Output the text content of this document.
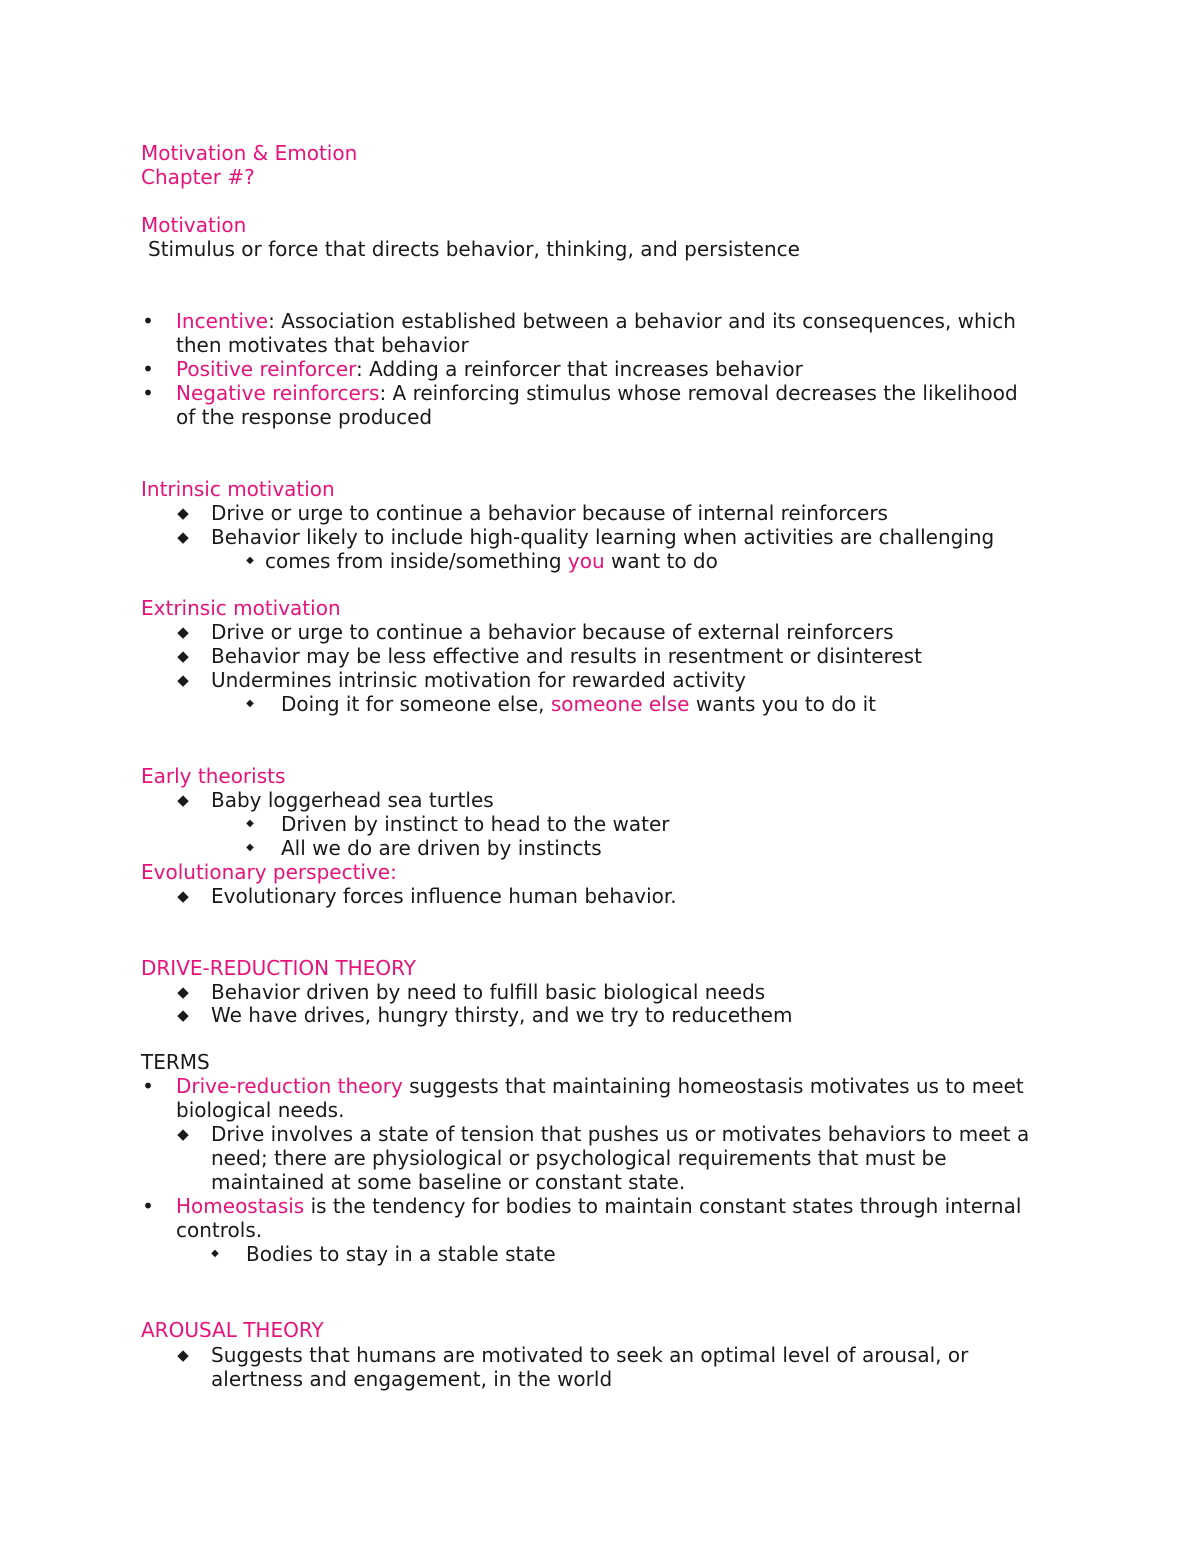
Motivation & Emotion
Chapter #?
Motivation
Stimulus or force that directs behavior, thinking, and persistence
• Incentive: Association established between a behavior and its consequences, which
then motivates that behavior
• Positive reinforcer: Adding a reinforcer that increases behavior
• Negative reinforcers: A reinforcing stimulus whose removal decreases the likelihood
of the response produced
Intrinsic motivation
◆ Drive or urge to continue a behavior because of internal reinforcers
◆ Behavior likely to include high-quality learning when activities are challenging
◆ comes from inside/something you want to do
Extrinsic motivation
◆ Drive or urge to continue a behavior because of external reinforcers
◆ Behavior may be less effective and results in resentment or disinterest
◆ Undermines intrinsic motivation for rewarded activity
◆ Doing it for someone else, someone else wants you to do it
Early theorists
◆ Baby loggerhead sea turtles
◆ Driven by instinct to head to the water
◆ All we do are driven by instincts
Evolutionary perspective:
◆ Evolutionary forces influence human behavior.
DRIVE-REDUCTION THEORY
◆ Behavior driven by need to fulfill basic biological needs
◆ We have drives, hungry thirsty, and we try to reducethem
TERMS
• Drive-reduction theory suggests that maintaining homeostasis motivates us to meet
biological needs.
◆ Drive involves a state of tension that pushes us or motivates behaviors to meet a
need; there are physiological or psychological requirements that must be
maintained at some baseline or constant state.
• Homeostasis is the tendency for bodies to maintain constant states through internal
controls.
◆ Bodies to stay in a stable state
AROUSAL THEORY
◆ Suggests that humans are motivated to seek an optimal level of arousal, or
alertness and engagement, in the world
